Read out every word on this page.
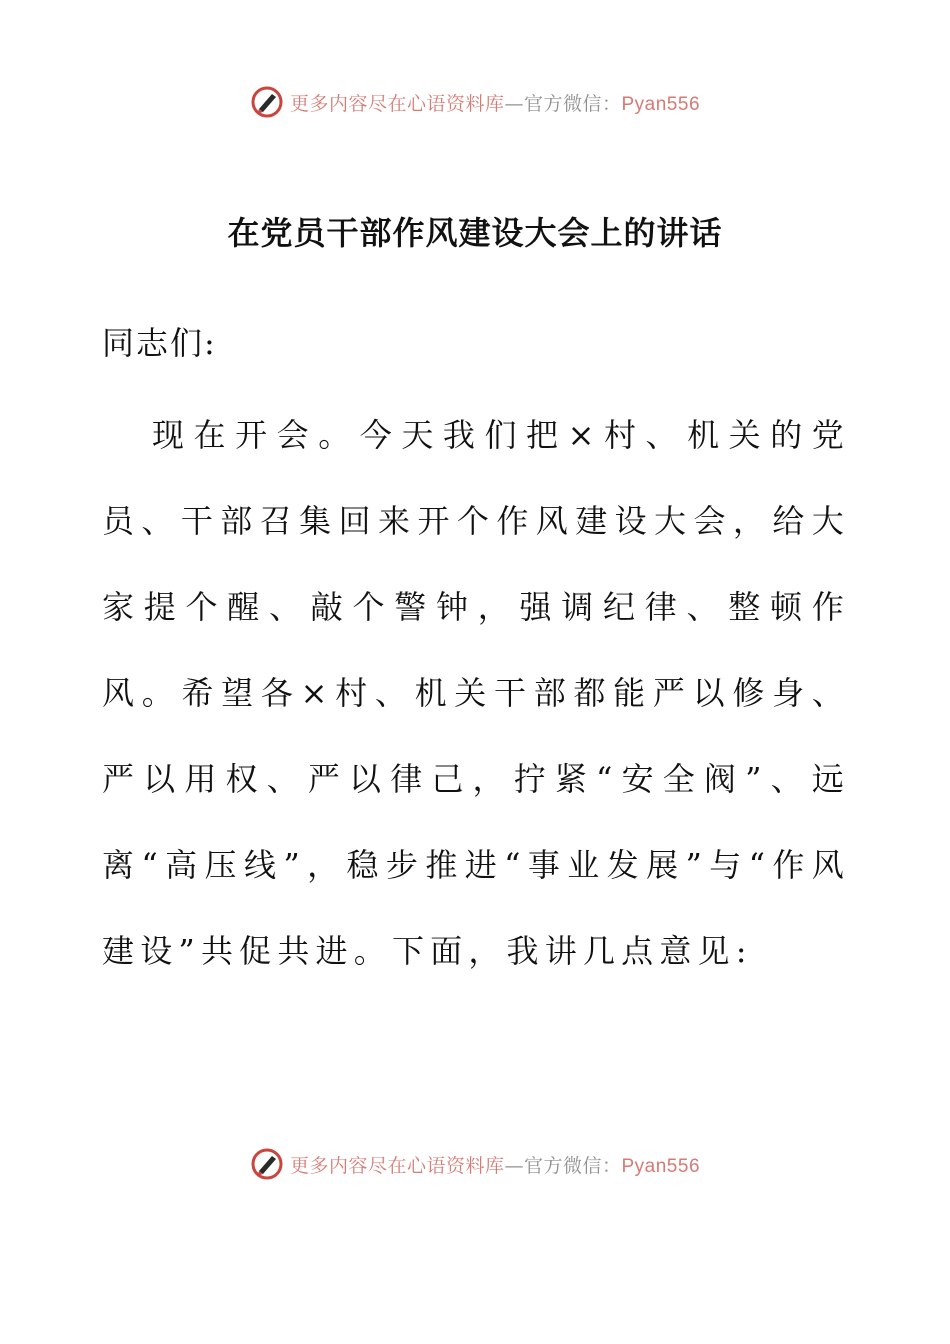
更多内容尽在心语资料库—官方微信：Pyan556
在党员干部作风建设大会上的讲话
同志们:

现在开会。今天我们把×村、机关的党员、干部召集回来开个作风建设大会，给大家提个醒、敲个警钟，强调纪律、整顿作风。希望各×村、机关干部都能严以修身、严以用权、严以律己，拧紧“安全阀”、远离“高压线”，稳步推进“事业发展”与“作风建设”共促共进。下面，我讲几点意见:

更多内容尽在心语资料库—官方微信：Pyan556
